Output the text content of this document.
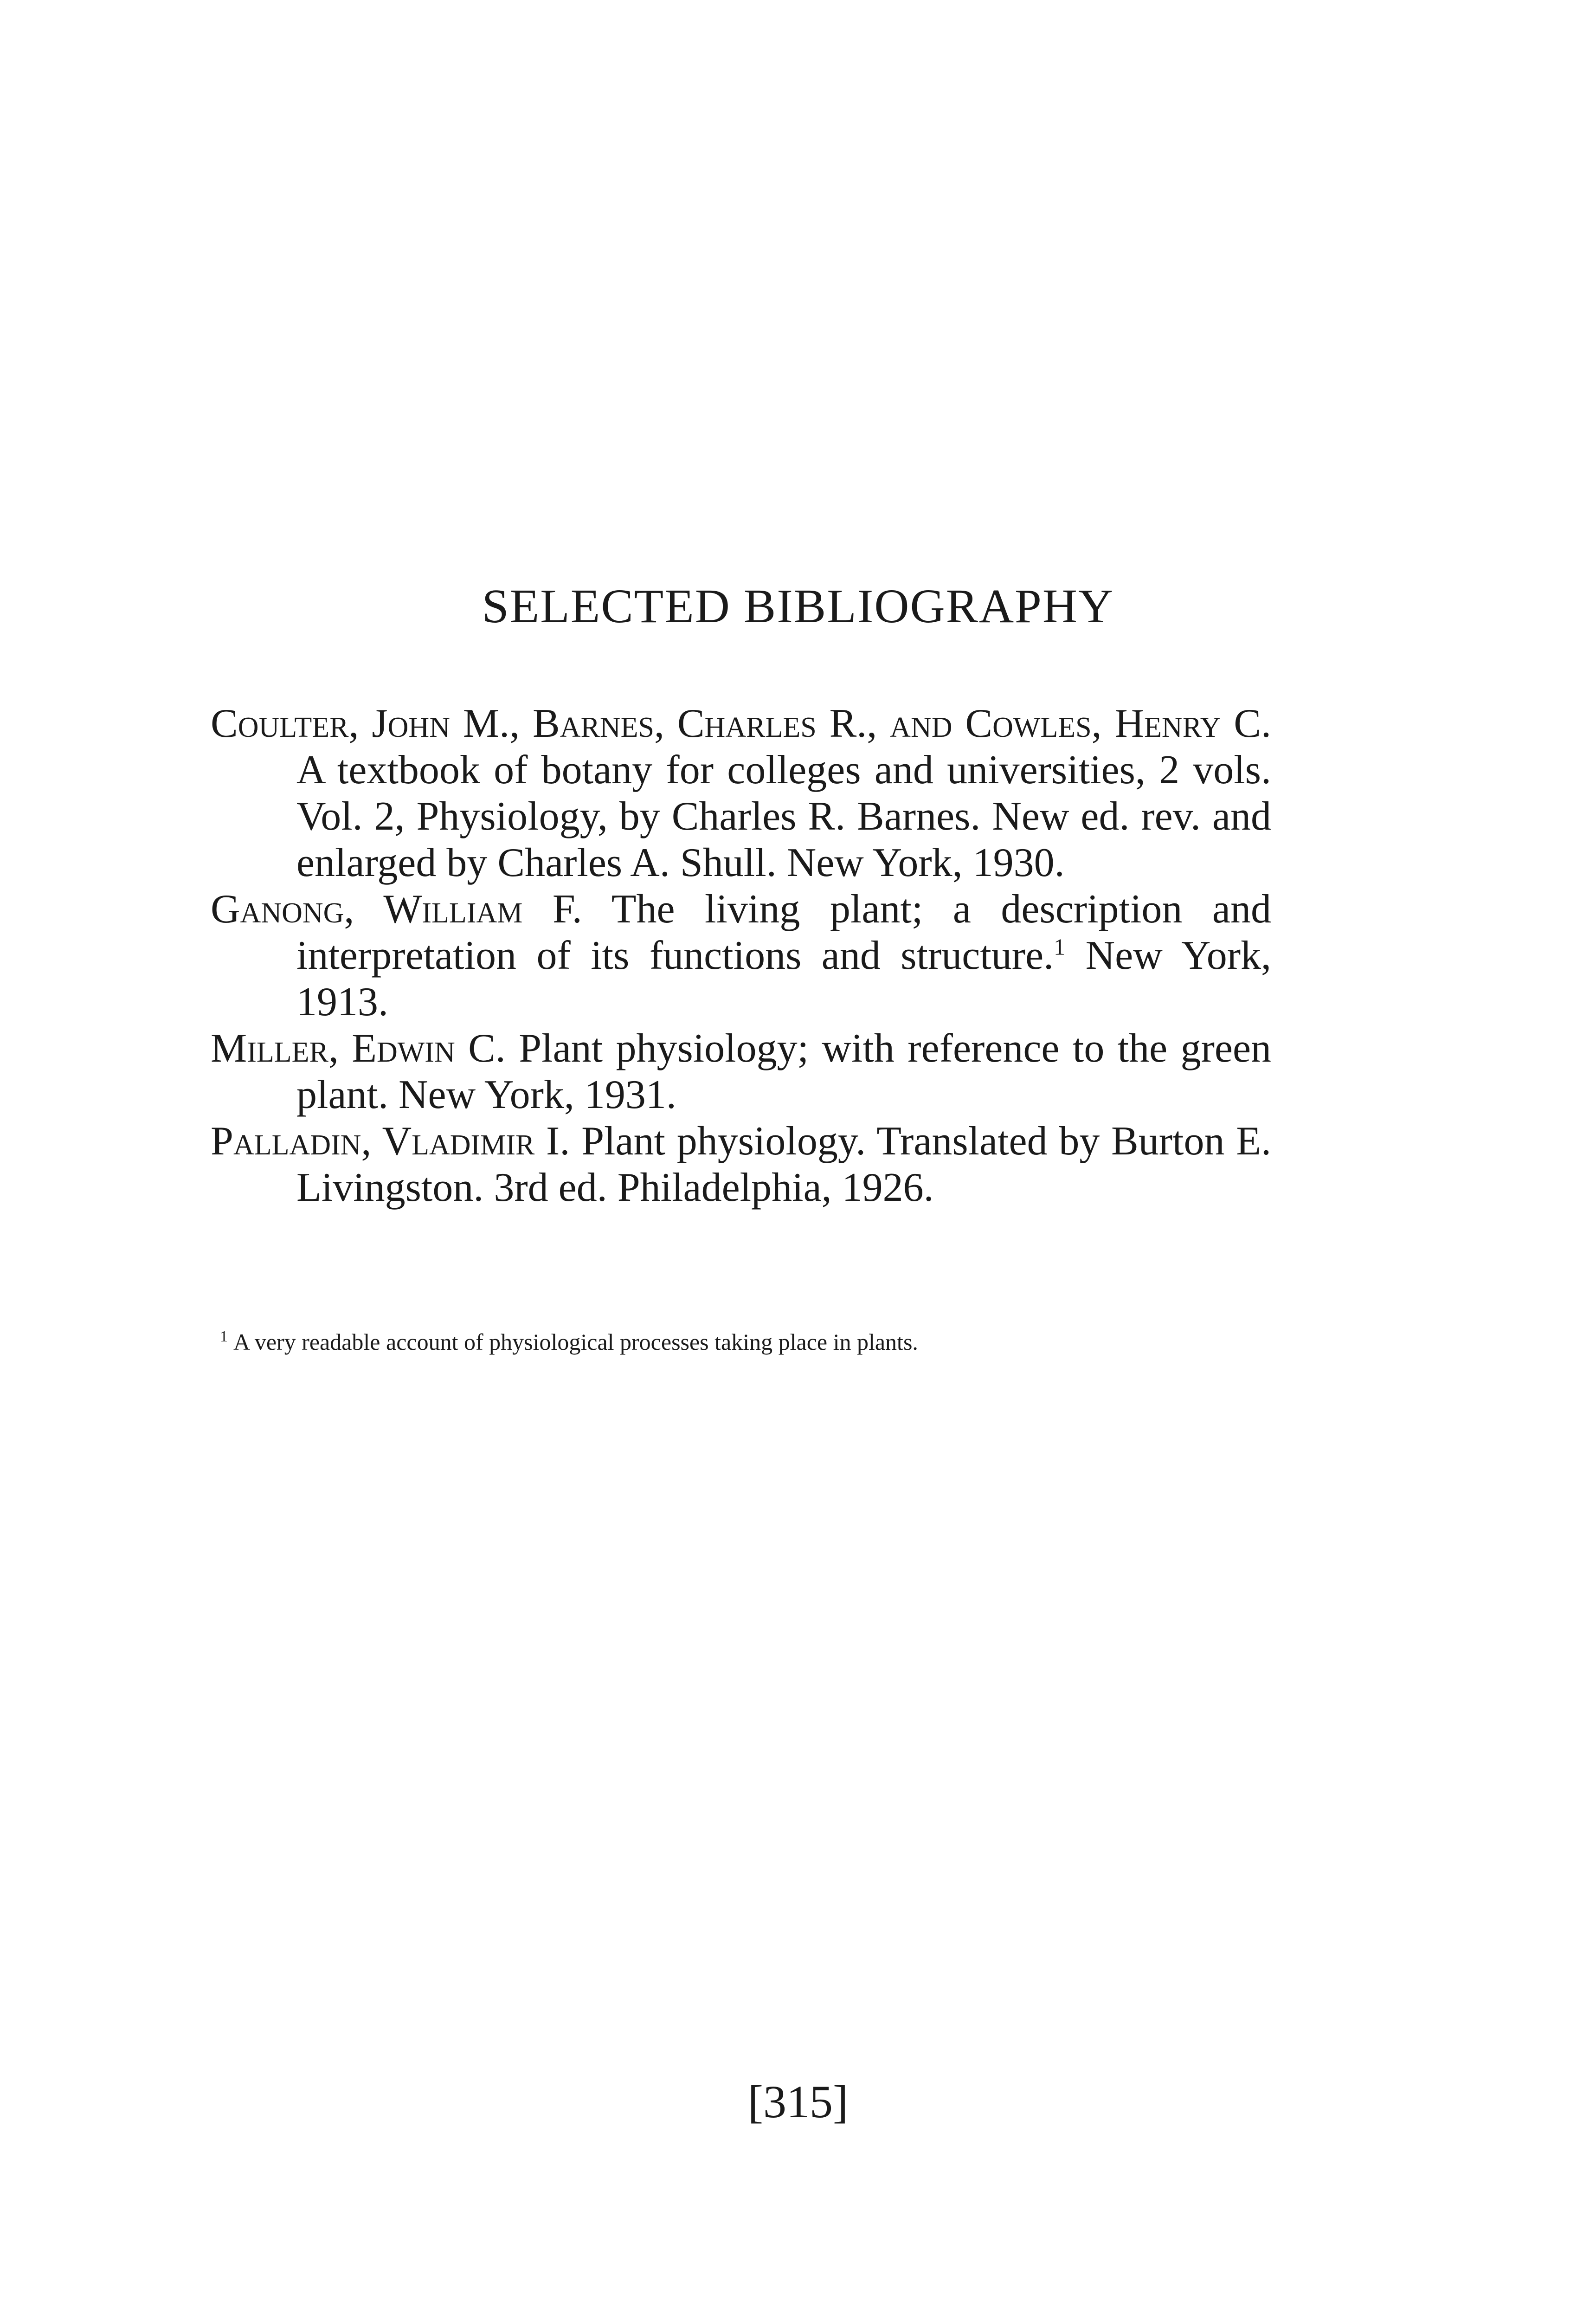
SELECTED BIBLIOGRAPHY
Coulter, John M., Barnes, Charles R., and Cowles, Henry C. A textbook of botany for colleges and universities, 2 vols. Vol. 2, Physiology, by Charles R. Barnes. New ed. rev. and enlarged by Charles A. Shull. New York, 1930.
Ganong, William F. The living plant; a description and interpretation of its functions and structure.$^1$ New York, 1913.
Miller, Edwin C. Plant physiology; with reference to the green plant. New York, 1931.
Palladin, Vladimir I. Plant physiology. Translated by Burton E. Livingston. 3rd ed. Philadelphia, 1926.

$^1$ A very readable account of physiological processes taking place in plants.

[315]
